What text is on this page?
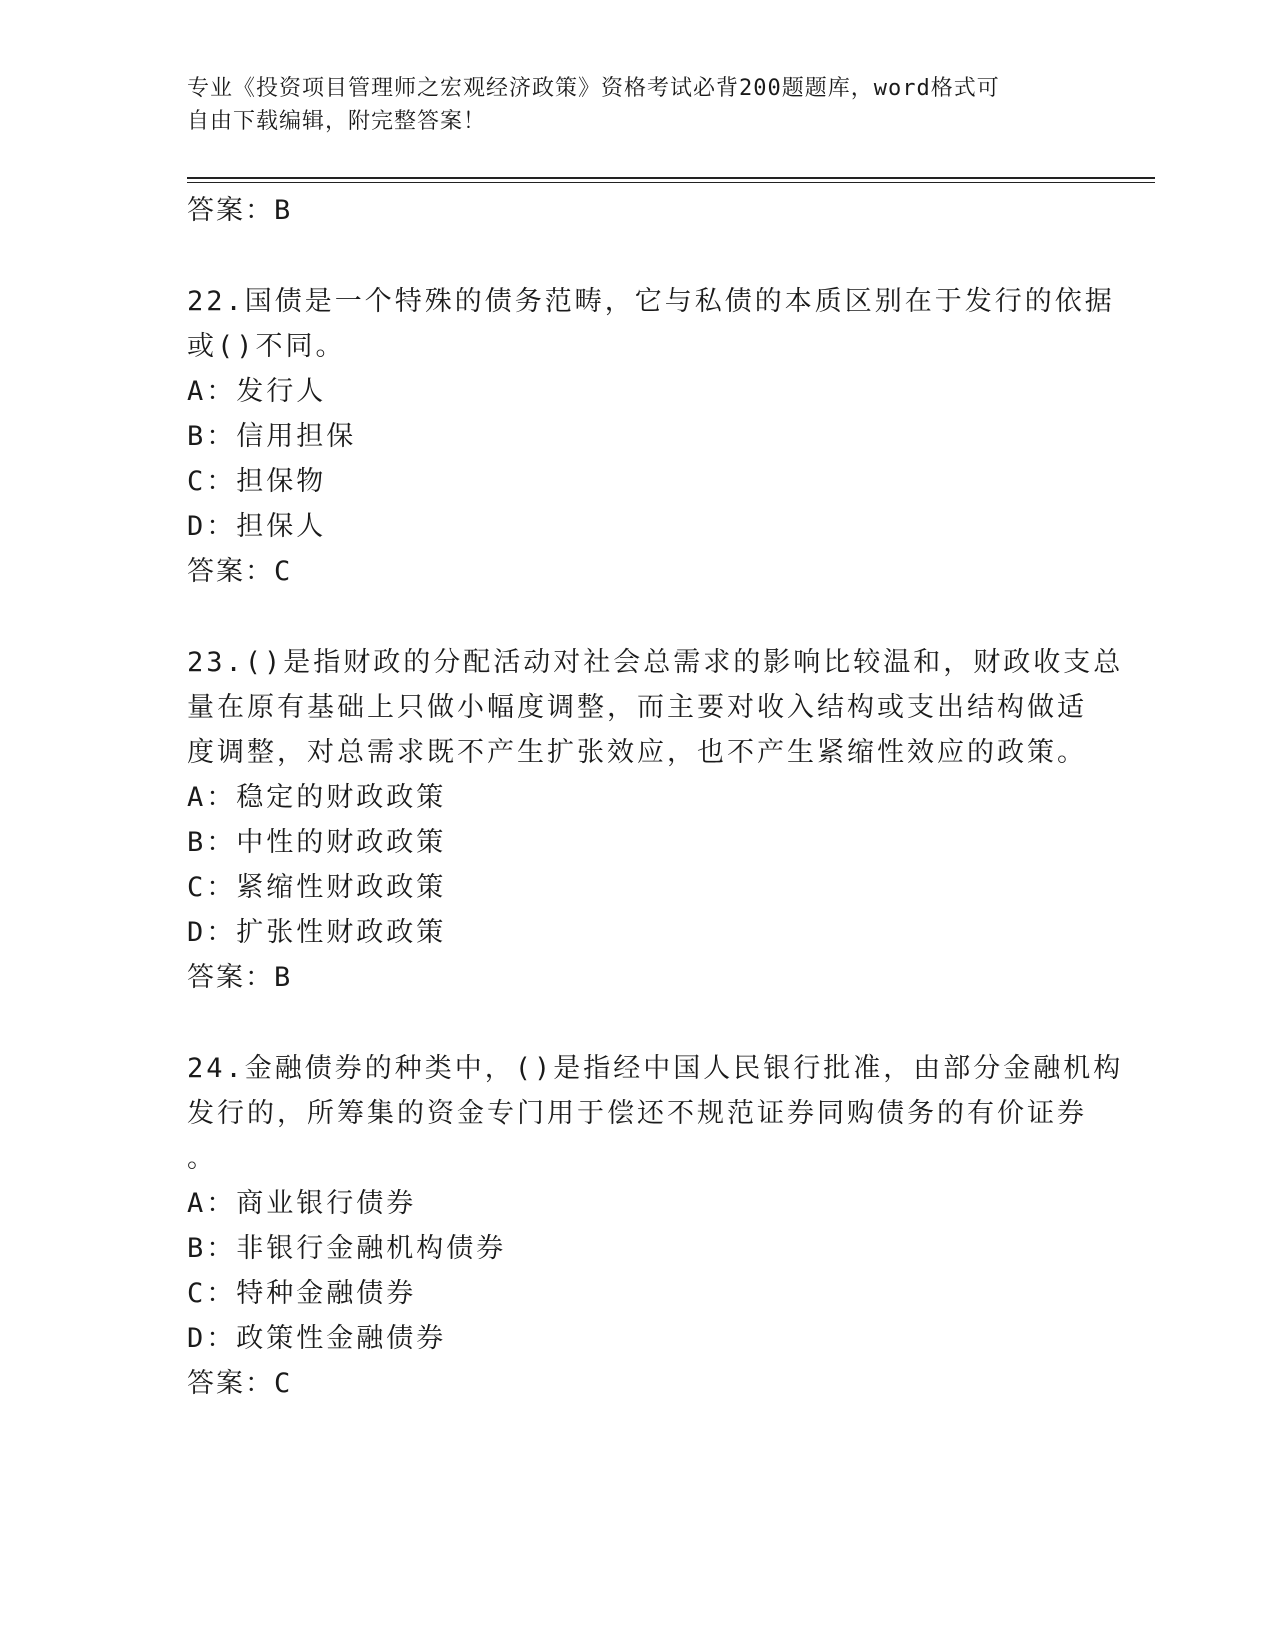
专业《投资项目管理师之宏观经济政策》资格考试必背200题题库，word格式可
自由下载编辑，附完整答案！
答案：B
22.国债是一个特殊的债务范畴，它与私债的本质区别在于发行的依据
或()不同。
A：发行人
B：信用担保
C：担保物
D：担保人
答案：C
23.()是指财政的分配活动对社会总需求的影响比较温和，财政收支总
量在原有基础上只做小幅度调整，而主要对收入结构或支出结构做适
度调整，对总需求既不产生扩张效应，也不产生紧缩性效应的政策。
A：稳定的财政政策
B：中性的财政政策
C：紧缩性财政政策
D：扩张性财政政策
答案：B
24.金融债券的种类中，()是指经中国人民银行批准，由部分金融机构
发行的，所筹集的资金专门用于偿还不规范证券同购债务的有价证券
。
A：商业银行债券
B：非银行金融机构债券
C：特种金融债券
D：政策性金融债券
答案：C
